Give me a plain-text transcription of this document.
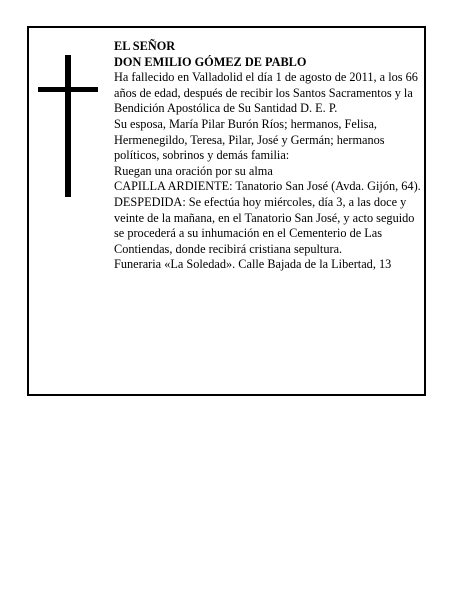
EL SEÑOR
DON EMILIO GÓMEZ DE PABLO

Ha fallecido en Valladolid el día 1 de agosto de 2011, a los 66 años de edad, después de recibir los Santos Sacramentos y la Bendición Apostólica de Su Santidad D. E. P.

Su esposa, María Pilar Burón Ríos; hermanos, Felisa, Hermenegildo, Teresa, Pilar, José y Germán; hermanos políticos, sobrinos y demás familia:

Ruegan una oración por su alma

CAPILLA ARDIENTE: Tanatorio San José (Avda. Gijón, 64).

DESPEDIDA: Se efectúa hoy miércoles, día 3, a las doce y veinte de la mañana, en el Tanatorio San José, y acto seguido se procederá a su inhumación en el Cementerio de Las Contiendas, donde recibirá cristiana sepultura.

Funeraria «La Soledad». Calle Bajada de la Libertad, 13
